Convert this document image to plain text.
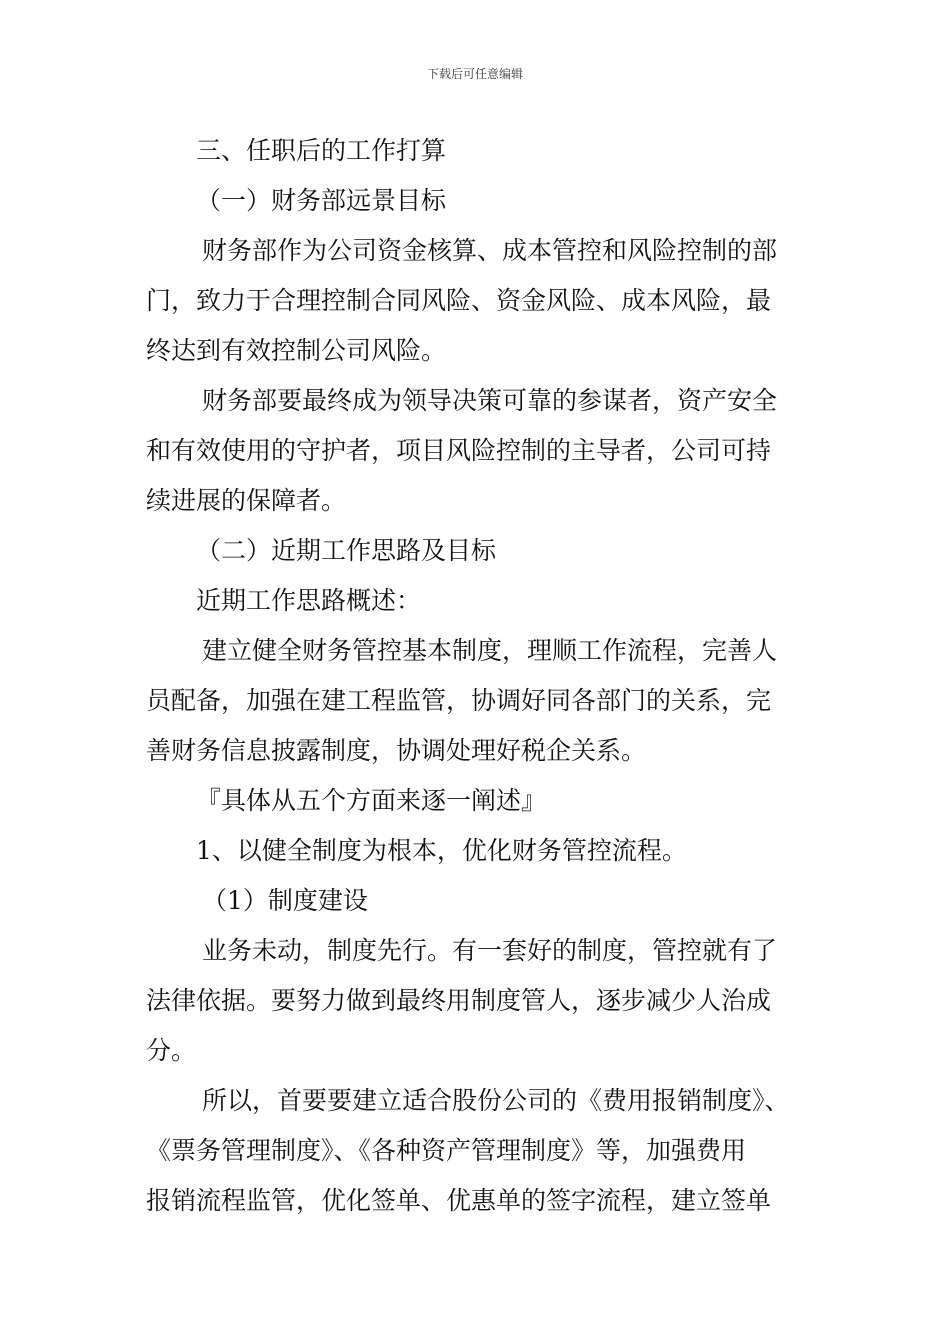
下载后可任意编辑
三、任职后的工作打算
（一）财务部远景目标
财务部作为公司资金核算、成本管控和风险控制的部
门，致力于合理控制合同风险、资金风险、成本风险，最
终达到有效控制公司风险。
财务部要最终成为领导决策可靠的参谋者，资产安全
和有效使用的守护者，项目风险控制的主导者，公司可持
续进展的保障者。
（二）近期工作思路及目标
近期工作思路概述：
建立健全财务管控基本制度，理顺工作流程，完善人
员配备，加强在建工程监管，协调好同各部门的关系，完
善财务信息披露制度，协调处理好税企关系。
『具体从五个方面来逐一阐述』
1、以健全制度为根本，优化财务管控流程。
（1）制度建设
业务未动，制度先行。有一套好的制度，管控就有了
法律依据。要努力做到最终用制度管人，逐步减少人治成
分。
所以，首要要建立适合股份公司的《费用报销制度》、
《票务管理制度》、《各种资产管理制度》等，加强费用
报销流程监管，优化签单、优惠单的签字流程，建立签单
